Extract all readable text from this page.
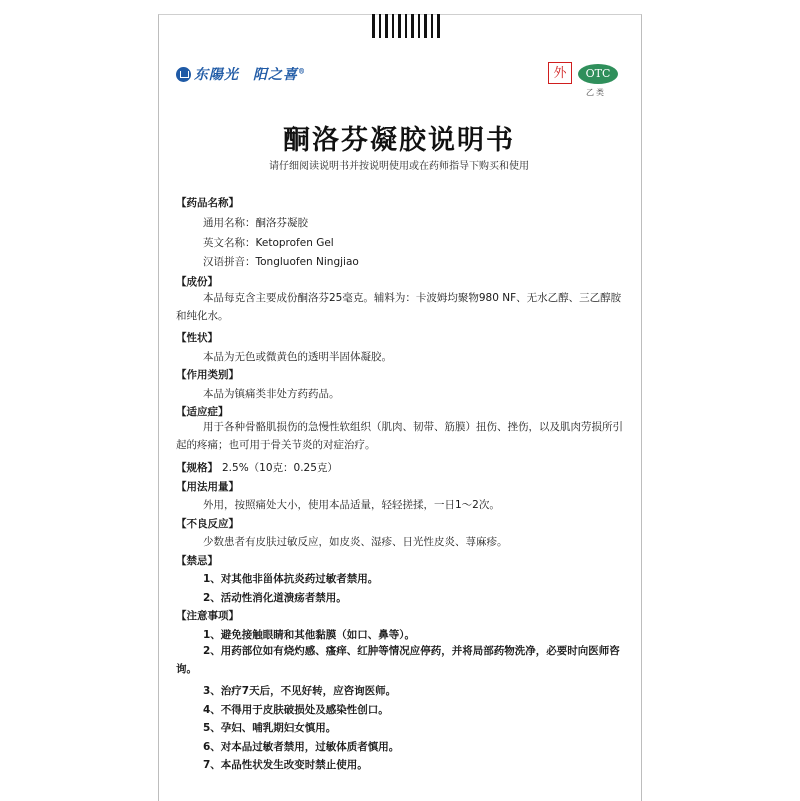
东陽光 阳之喜®	外	OTC
乙类
酮洛芬凝胶说明书
请仔细阅读说明书并按说明使用或在药师指导下购买和使用
【药品名称】
通用名称：酮洛芬凝胶
英文名称：Ketoprofen Gel
汉语拼音：Tongluofen Ningjiao
【成份】
本品每克含主要成份酮洛芬25毫克。辅料为：卡波姆均聚物980 NF、无水乙醇、三乙醇胺和纯化水。
【性状】
本品为无色或微黄色的透明半固体凝胶。
【作用类别】
本品为镇痛类非处方药药品。
【适应症】
用于各种骨骼肌损伤的急慢性软组织（肌肉、韧带、筋膜）扭伤、挫伤，以及肌肉劳损所引起的疼痛；也可用于骨关节炎的对症治疗。
【规格】 2.5%（10克：0.25克）
【用法用量】
外用，按照痛处大小，使用本品适量，轻轻搓揉，一日1～2次。
【不良反应】
少数患者有皮肤过敏反应，如皮炎、湿疹、日光性皮炎、荨麻疹。
【禁忌】
1、对其他非甾体抗炎药过敏者禁用。
2、活动性消化道溃疡者禁用。
【注意事项】
1、避免接触眼睛和其他黏膜（如口、鼻等）。
2、用药部位如有烧灼感、瘙痒、红肿等情况应停药，并将局部药物洗净，必要时向医师咨询。
3、治疗7天后，不见好转，应咨询医师。
4、不得用于皮肤破损处及感染性创口。
5、孕妇、哺乳期妇女慎用。
6、对本品过敏者禁用，过敏体质者慎用。
7、本品性状发生改变时禁止使用。
